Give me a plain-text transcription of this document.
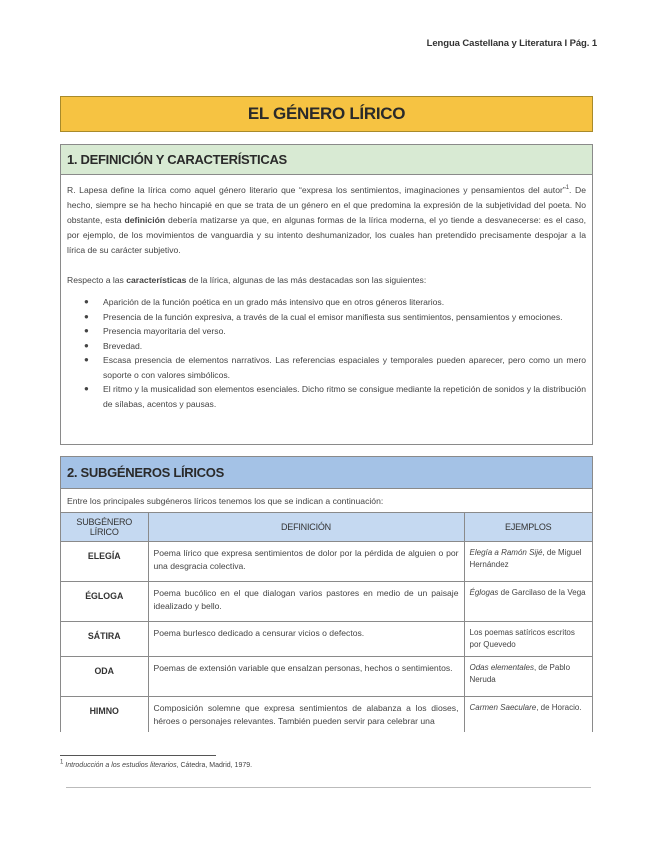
Lengua Castellana y Literatura I Pág. 1
EL GÉNERO LÍRICO
1. DEFINICIÓN Y CARACTERÍSTICAS

R. Lapesa define la lírica como aquel género literario que “expresa los sentimientos, imaginaciones y pensamientos del autor”$^1$. De hecho, siempre se ha hecho hincapié en que se trata de un género en el que predomina la expresión de la subjetividad del poeta. No obstante, esta definición debería matizarse ya que, en algunas formas de la lírica moderna, el yo tiende a desvanecerse: es el caso, por ejemplo, de los movimientos de vanguardia y su intento deshumanizador, los cuales han pretendido precisamente despojar a la lírica de su carácter subjetivo.

Respecto a las características de la lírica, algunas de las más destacadas son las siguientes:

● Aparición de la función poética en un grado más intensivo que en otros géneros literarios.
● Presencia de la función expresiva, a través de la cual el emisor manifiesta sus sentimientos, pensamientos y emociones.
● Presencia mayoritaria del verso.
● Brevedad.
● Escasa presencia de elementos narrativos. Las referencias espaciales y temporales pueden aparecer, pero como un mero soporte o con valores simbólicos.
● El ritmo y la musicalidad son elementos esenciales. Dicho ritmo se consigue mediante la repetición de sonidos y la distribución de sílabas, acentos y pausas.
2. SUBGÉNEROS LÍRICOS
Entre los principales subgéneros líricos tenemos los que se indican a continuación:
SUBGÉNERO LÍRICO	DEFINICIÓN	EJEMPLOS
ELEGÍA	Poema lírico que expresa sentimientos de dolor por la pérdida de alguien o por una desgracia colectiva.	Elegía a Ramón Sijé, de Miguel Hernández
ÉGLOGA	Poema bucólico en el que dialogan varios pastores en medio de un paisaje idealizado y bello.	Églogas de Garcilaso de la Vega
SÁTIRA	Poema burlesco dedicado a censurar vicios o defectos.	Los poemas satíricos escritos por Quevedo
ODA	Poemas de extensión variable que ensalzan personas, hechos o sentimientos.	Odas elementales, de Pablo Neruda
HIMNO	Composición solemne que expresa sentimientos de alabanza a los dioses, héroes o personajes relevantes. También pueden servir para celebrar una	Carmen Saeculare, de Horacio.
$^1$ Introducción a los estudios literarios, Cátedra, Madrid, 1979.
